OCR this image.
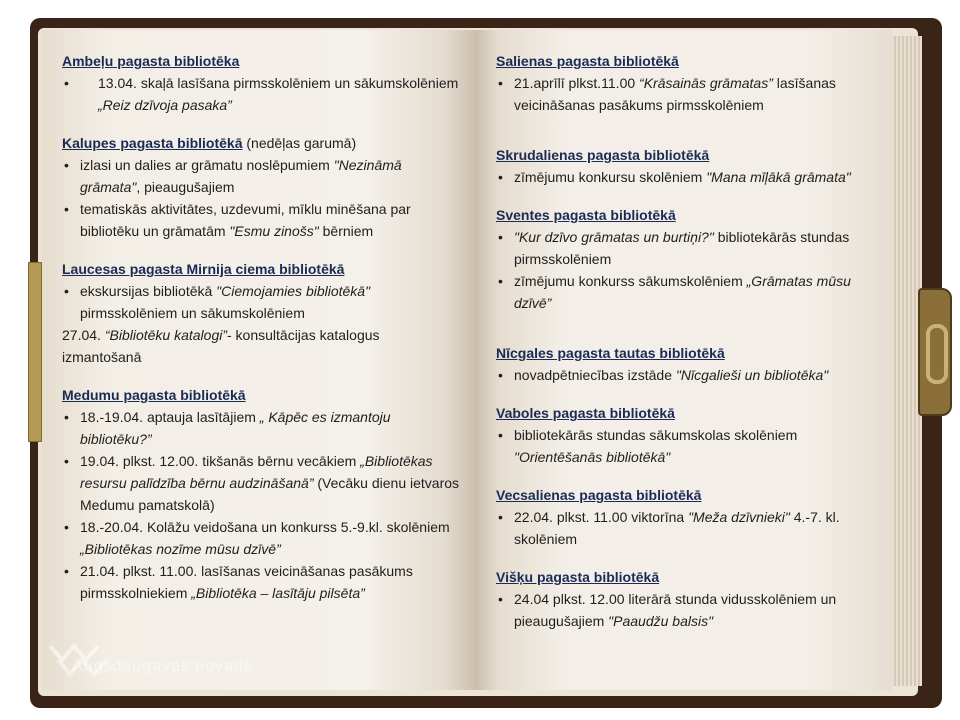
Ambeļu pagasta bibliotēka
• 13.04. skaļā lasīšana pirmsskolēniem un sākumskolēniem „Reiz dzīvoja pasaka”
Kalupes pagasta bibliotēkā (nedēļas garumā)
• izlasi un dalies ar grāmatu noslēpumiem "Nezināmā grāmata", pieaugušajiem
• tematiskās aktivitātes, uzdevumi, mīklu minēšana par bibliotēku un grāmatām "Esmu zinošs" bērniem
Laucesas pagasta Mirnija ciema bibliotēkā
• ekskursijas bibliotēkā "Ciemojamies bibliotēkā" pirmsskolēniem un sākumskolēniem

27.04. “Bibliotēku katalogi”- konsultācijas katalogus izmantošanā

Medumu pagasta bibliotēkā
• 18.-19.04. aptauja lasītājiem „ Kāpēc es izmantoju bibliotēku?”
• 19.04. plkst. 12.00. tikšanās bērnu vecākiem „Bibliotēkas resursu palīdzība bērnu audzināšanā” (Vecāku dienu ietvaros Medumu pamatskolā)
• 18.-20.04. Kolāžu veidošana un konkurss 5.-9.kl. skolēniem „Bibliotēkas nozīme mūsu dzīvē”
• 21.04. plkst. 11.00. lasīšanas veicināšanas pasākums pirmsskolniekiem „Bibliotēka – lasītāju pilsēta”
Salienas pagasta bibliotēkā
• 21.aprīlī plkst.11.00 “Krāsainās grāmatas” lasīšanas veicināšanas pasākums pirmsskolēniem
Skrudalienas pagasta bibliotēkā
• zīmējumu konkursu skolēniem "Mana mīļākā grāmata"
Sventes pagasta bibliotēkā
• "Kur dzīvo grāmatas un burtiņi?" bibliotekārās stundas pirmsskolēniem
• zīmējumu konkurss sākumskolēniem „Grāmatas mūsu dzīvē”
Nīcgales pagasta tautas bibliotēkā
• novadpētniecības izstāde "Nīcgalieši un bibliotēka"
Vaboles pagasta bibliotēkā
• bibliotekārās stundas sākumskolas skolēniem "Orientēšanās bibliotēkā"
Vecsalienas pagasta bibliotēkā
• 22.04. plkst. 11.00 viktorīna "Meža dzīvnieki" 4.-7. kl. skolēniem
Višķu pagasta bibliotēkā
• 24.04 plkst. 12.00 literārā stunda vidusskolēniem un pieaugušajiem "Paaudžu balsis"
Augšdaugavas novads
